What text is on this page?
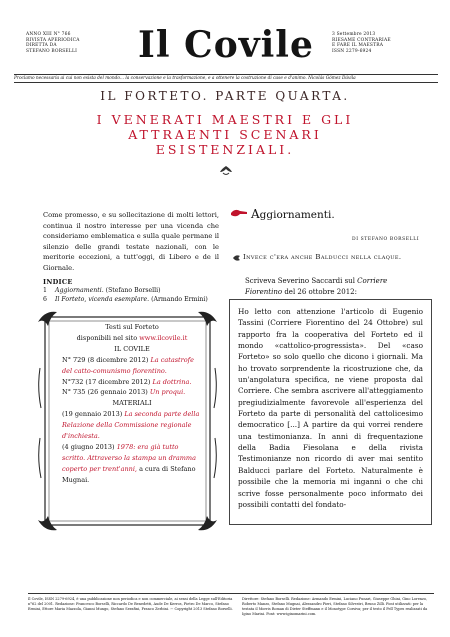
ANNO XIII N° 766
RIVISTA APERIODICA
DIRETTA DA
STEFANO BORSELLI	Il Covile	3 Settembre 2013
RIESAME CONTRARIAE
E FARE IL MAESTRA
ISSN 2279-6924
Proclamo necessaria ai cui non esista del mondo... la conservazione e la trasformazione, e a ottenere la costruzione di case e d'animo. Nicolás Gómez Dávila
IL FORTETO. PARTE QUARTA.
I VENERATI MAESTRI E GLI
ATTRAENTI SCENARI
ESISTENZIALI.
Come promesso, e su sollecitazione di molti lettori, continua il nostro interesse per una vicenda che consideriamo emblematica e sulla quale permane il silenzio delle grandi testate nazionali, con le meritorie eccezioni, a tutt'oggi, di Libero e de il Giornale.
INDICE
1	Aggiornamenti. (Stefano Borselli)
6	Il Forteto, vicenda esemplare. (Armando Ermini)
Testi sul Forteto
disponibili nel sito www.ilcovile.it
IL COVILE
N° 729 (8 dicembre 2012) La catastrofe del catto-comunismo fiorentino.
N°732 (17 dicembre 2012) La dottrina.
N° 735 (26 gennaio 2013) Un proqui.
MATERIALI
(19 gennaio 2013) La seconda parte della Relazione della Commissione regionale d'inchiesta.
(4 giugno 2013) 1978: era già tutto scritto. Attraverso la stampa un dramma coperto per trent'anni, a cura di Stefano Mugnai.
Aggiornamenti.
DI STEFANO BORSELLI
Invece c'era anche Balducci nella claque.
Scriveva Severino Saccardi sul Corriere Fiorentino del 26 ottobre 2012:

Ho letto con attenzione l'articolo di Eugenio Tassini (Corriere Fiorentino del 24 Ottobre) sul rapporto fra la cooperativa del Forteto ed il mondo «cattolico-progressista». Del «caso Forteto» so solo quello che dicono i giornali. Ma ho trovato sorprendente la ricostruzione che, da un'angolatura specifica, ne viene proposta dal Corriere. Che sembra ascrivere all'atteggiamento pregiudizialmente favorevole all'esperienza del Forteto da parte di personalità del cattolicesimo democratico [...] A partire da qui vorrei rendere una testimonianza. In anni di frequentazione della Badia Fiesolana e della rivista Testimonianze non ricordo di aver mai sentito Balducci parlare del Forteto. Naturalmente è possibile che la memoria mi inganni o che chi scrive fosse personalmente poco informato dei possibili contatti del fondato-

Il Covile, ISSN 2279-6924, è una pubblicazione non periodica e non commerciale, ai sensi della Legge sull'Editoria n°62 del 2001. Redazione: Francesco Borselli, Riccardo De Benedetti, Aude De Kerros, Pietro De Marco, Stefano Ermini, Ettore Maria Mazzola, Gianni Mungo, Stefano Serafini, Franco Zerbini. ☞ Copyright 2013 Stefano Borselli.
Direttore: Stefano Borselli. Redazione: Armando Ermini, Luciano Funari, Giuseppe Ghini, Gino Lorenzo, Roberto Manzo, Stefano Mugnai, Alessandro Pieri, Stefano Silvestri, Bruno Zilli. Font utilizzati: per la testata il Morris Roman di Dieter Steffmann e il Monotype Corsiva; per il testo il Fell Types realizzati da Igino Marini. Font: www.iginomarini.com.
